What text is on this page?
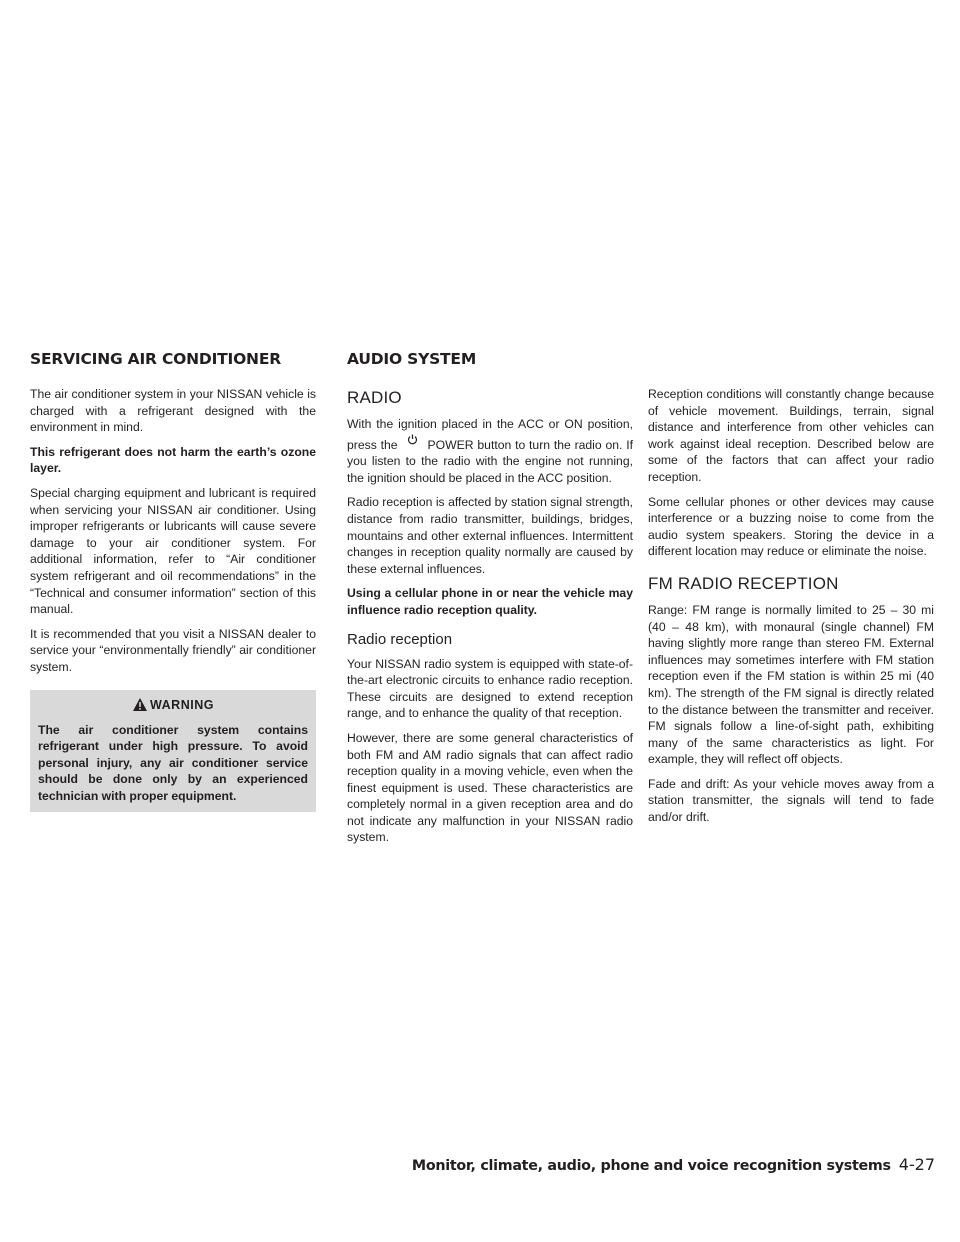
SERVICING AIR CONDITIONER	AUDIO SYSTEM

The air conditioner system in your NISSAN vehicle is charged with a refrigerant designed with the environment in mind.

This refrigerant does not harm the earth’s ozone layer.

Special charging equipment and lubricant is required when servicing your NISSAN air conditioner. Using improper refrigerants or lubricants will cause severe damage to your air conditioner system. For additional information, refer to “Air conditioner system refrigerant and oil recommendations” in the “Technical and consumer information” section of this manual.

It is recommended that you visit a NISSAN dealer to service your “environmentally friendly” air conditioner system.

WARNING
The air conditioner system contains refrigerant under high pressure. To avoid personal injury, any air conditioner service should be done only by an experienced technician with proper equipment.
RADIO

With the ignition placed in the ACC or ON position, press the POWER button to turn the radio on. If you listen to the radio with the engine not running, the ignition should be placed in the ACC position.

Radio reception is affected by station signal strength, distance from radio transmitter, buildings, bridges, mountains and other external influences. Intermittent changes in reception quality normally are caused by these external influences.

Using a cellular phone in or near the vehicle may influence radio reception quality.

Radio reception

Your NISSAN radio system is equipped with state-of-the-art electronic circuits to enhance radio reception. These circuits are designed to extend reception range, and to enhance the quality of that reception.

However, there are some general characteristics of both FM and AM radio signals that can affect radio reception quality in a moving vehicle, even when the finest equipment is used. These characteristics are completely normal in a given reception area and do not indicate any malfunction in your NISSAN radio system.

Reception conditions will constantly change because of vehicle movement. Buildings, terrain, signal distance and interference from other vehicles can work against ideal reception. Described below are some of the factors that can affect your radio reception.

Some cellular phones or other devices may cause interference or a buzzing noise to come from the audio system speakers. Storing the device in a different location may reduce or eliminate the noise.

FM RADIO RECEPTION

Range: FM range is normally limited to 25 – 30 mi (40 – 48 km), with monaural (single channel) FM having slightly more range than stereo FM. External influences may sometimes interfere with FM station reception even if the FM station is within 25 mi (40 km). The strength of the FM signal is directly related to the distance between the transmitter and receiver. FM signals follow a line-of-sight path, exhibiting many of the same characteristics as light. For example, they will reflect off objects.

Fade and drift: As your vehicle moves away from a station transmitter, the signals will tend to fade and/or drift.

Monitor, climate, audio, phone and voice recognition systems 4-27
